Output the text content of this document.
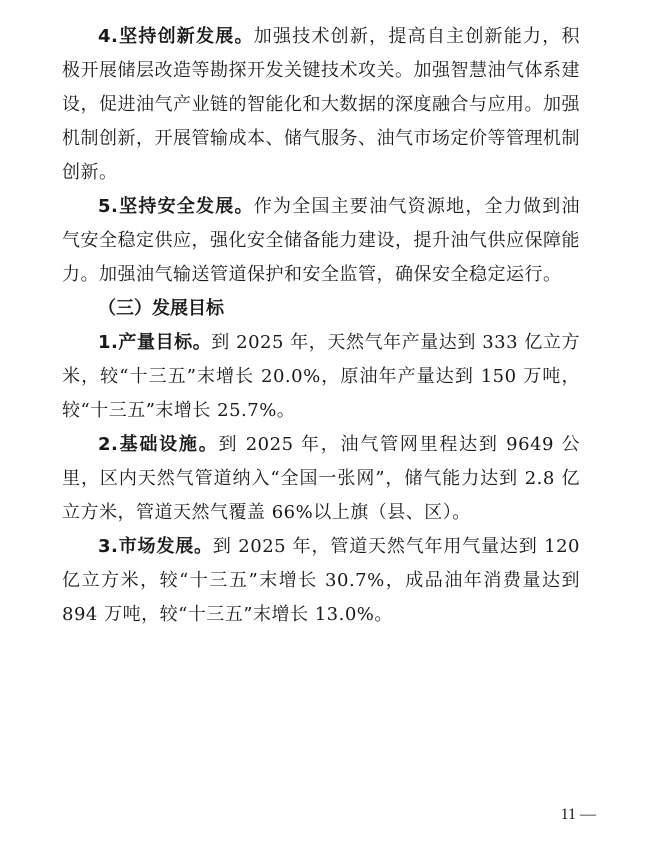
4.坚持创新发展。加强技术创新，提高自主创新能力，积极开展储层改造等勘探开发关键技术攻关。加强智慧油气体系建设，促进油气产业链的智能化和大数据的深度融合与应用。加强机制创新，开展管输成本、储气服务、油气市场定价等管理机制创新。

5.坚持安全发展。作为全国主要油气资源地，全力做到油气安全稳定供应，强化安全储备能力建设，提升油气供应保障能力。加强油气输送管道保护和安全监管，确保安全稳定运行。

（三）发展目标

1.产量目标。到 2025 年，天然气年产量达到 333 亿立方米，较“十三五”末增长 20.0%，原油年产量达到 150 万吨，较“十三五”末增长 25.7%。

2.基础设施。到 2025 年，油气管网里程达到 9649 公里，区内天然气管道纳入“全国一张网”，储气能力达到 2.8 亿立方米，管道天然气覆盖 66%以上旗（县、区）。

3.市场发展。到 2025 年，管道天然气年用气量达到 120 亿立方米，较“十三五”末增长 30.7%，成品油年消费量达到 894 万吨，较“十三五”末增长 13.0%。

11 —
